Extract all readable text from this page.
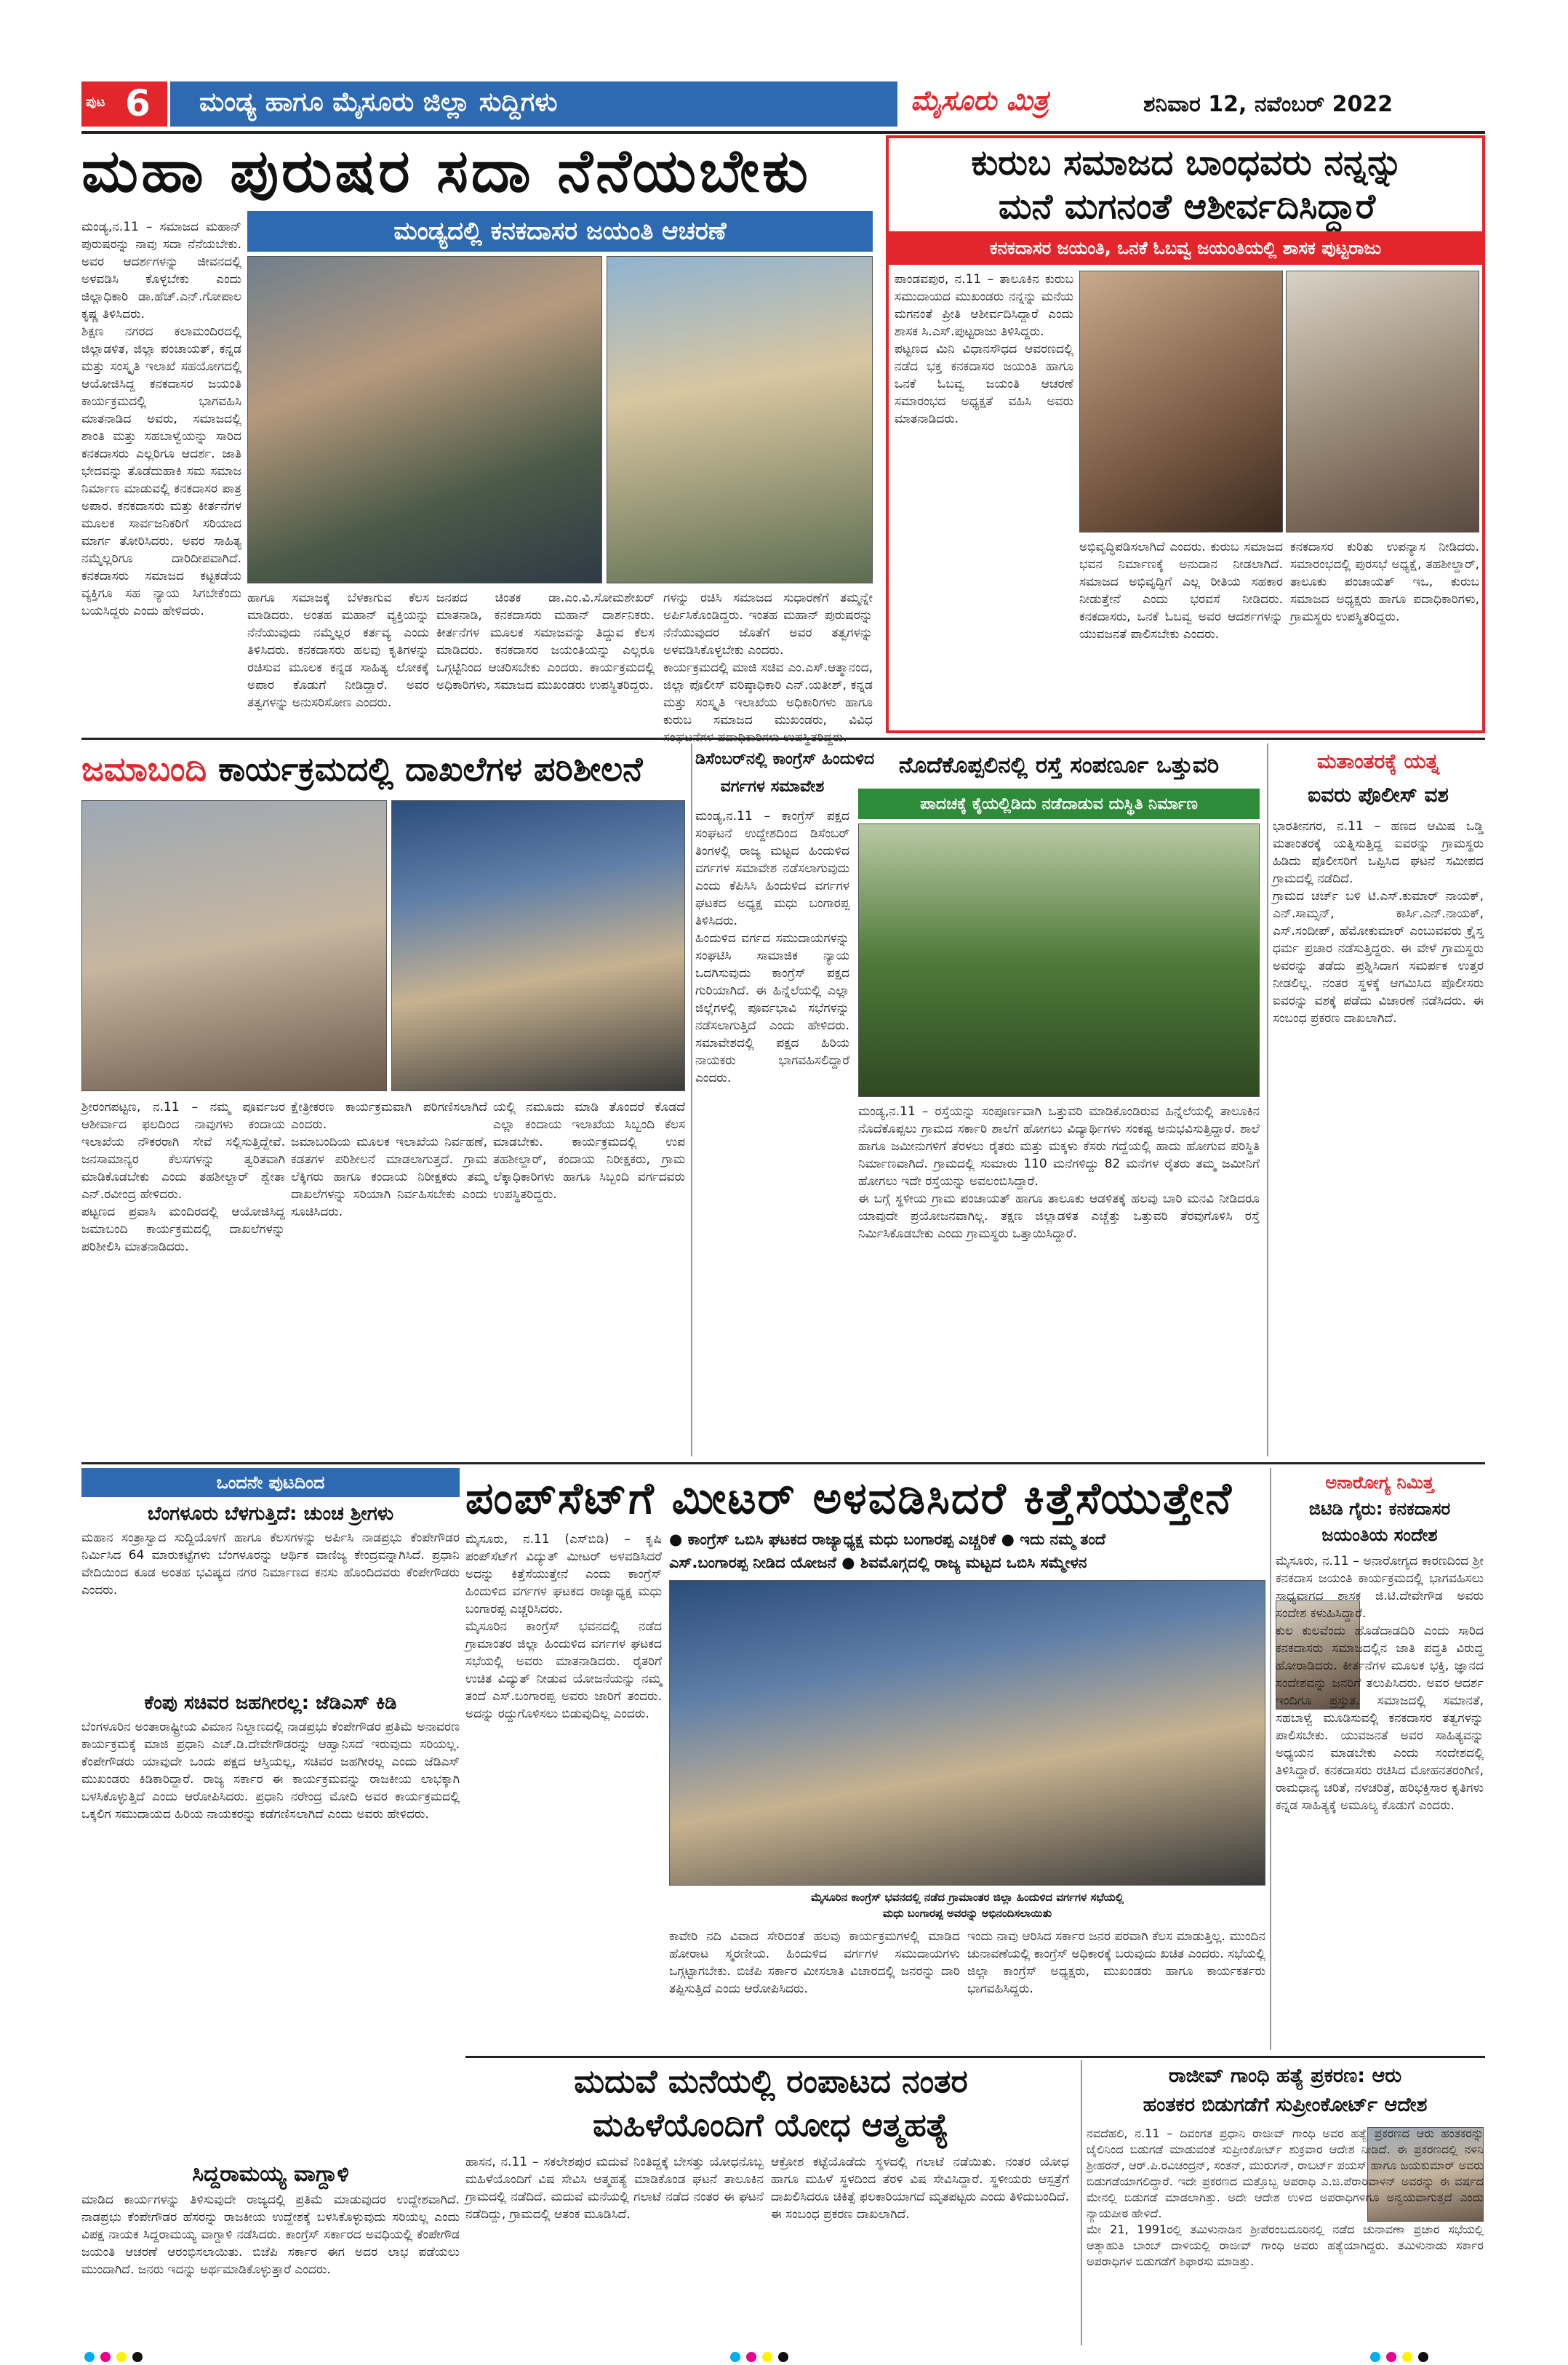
ಪುಟ 6 ಮಂಡ್ಯ ಹಾಗೂ ಮೈಸೂರು ಜಿಲ್ಲಾ ಸುದ್ದಿಗಳು	ಮೈಸೂರು ಮಿತ್ರ	ಶನಿವಾರ 12, ನವೆಂಬರ್ 2022
ಮಹಾ ಪುರುಷರ ಸದಾ ನೆನೆಯಬೇಕು
ಮಂಡ್ಯ,ನ.11 – ಸಮಾಜದ ಮಹಾನ್ ಪುರುಷರನ್ನು ನಾವು ಸದಾ ನೆನೆಯಬೇಕು. ಅವರ ಆದರ್ಶಗಳನ್ನು ಜೀವನದಲ್ಲಿ ಅಳವಡಿಸಿ ಕೊಳ್ಳಬೇಕು ಎಂದು ಜಿಲ್ಲಾಧಿಕಾರಿ ಡಾ.ಹೆಚ್.ಎನ್.ಗೋಪಾಲ ಕೃಷ್ಣ ತಿಳಿಸಿದರು.
ಶಿಕ್ಷಣ ನಗರದ ಕಲಾಮಂದಿರದಲ್ಲಿ ಜಿಲ್ಲಾಡಳಿತ, ಜಿಲ್ಲಾ ಪಂಚಾಯತ್, ಕನ್ನಡ ಮತ್ತು ಸಂಸ್ಕೃತಿ ಇಲಾಖೆ ಸಹಯೋಗದಲ್ಲಿ ಆಯೋಜಿಸಿದ್ದ ಕನಕದಾಸರ ಜಯಂತಿ ಕಾರ್ಯಕ್ರಮದಲ್ಲಿ ಭಾಗವಹಿಸಿ ಮಾತನಾಡಿದ ಅವರು, ಸಮಾಜದಲ್ಲಿ ಶಾಂತಿ ಮತ್ತು ಸಹಬಾಳ್ವೆಯನ್ನು ಸಾರಿದ ಕನಕದಾಸರು ಎಲ್ಲರಿಗೂ ಆದರ್ಶ. ಜಾತಿ ಭೇದವನ್ನು ತೊಡೆದುಹಾಕಿ ಸಮ ಸಮಾಜ ನಿರ್ಮಾಣ ಮಾಡುವಲ್ಲಿ ಕನಕದಾಸರ ಪಾತ್ರ ಅಪಾರ. ಕನಕದಾಸರು ಮತ್ತು ಕೀರ್ತನೆಗಳ ಮೂಲಕ ಸಾರ್ವಜನಿಕರಿಗೆ ಸರಿಯಾದ ಮಾರ್ಗ ತೋರಿಸಿದರು. ಅವರ ಸಾಹಿತ್ಯ ನಮ್ಮೆಲ್ಲರಿಗೂ ದಾರಿದೀಪವಾಗಿದೆ. ಕನಕದಾಸರು ಸಮಾಜದ ಕಟ್ಟಕಡೆಯ ವ್ಯಕ್ತಿಗೂ ಸಹ ನ್ಯಾಯ ಸಿಗಬೇಕೆಂದು ಬಯಸಿದ್ದರು ಎಂದು ಹೇಳಿದರು.
ಮಂಡ್ಯದಲ್ಲಿ ಕನಕದಾಸರ ಜಯಂತಿ ಆಚರಣೆ
ಹಾಗೂ ಸಮಾಜಕ್ಕೆ ಬೆಳಕಾಗುವ ಕೆಲಸ ಮಾಡಿದರು. ಅಂತಹ ಮಹಾನ್ ವ್ಯಕ್ತಿಯನ್ನು ನೆನೆಯುವುದು ನಮ್ಮೆಲ್ಲರ ಕರ್ತವ್ಯ ಎಂದು ತಿಳಿಸಿದರು. ಕನಕದಾಸರು ಹಲವು ಕೃತಿಗಳನ್ನು ರಚಿಸುವ ಮೂಲಕ ಕನ್ನಡ ಸಾಹಿತ್ಯ ಲೋಕಕ್ಕೆ ಅಪಾರ ಕೊಡುಗೆ ನೀಡಿದ್ದಾರೆ. ಅವರ ತತ್ವಗಳನ್ನು ಅನುಸರಿಸೋಣ ಎಂದರು.
ಜನಪದ ಚಿಂತಕ ಡಾ.ಎಂ.ವಿ.ಸೋಮಶೇಖರ್ ಮಾತನಾಡಿ, ಕನಕದಾಸರು ಮಹಾನ್ ದಾರ್ಶನಿಕರು. ಕೀರ್ತನೆಗಳ ಮೂಲಕ ಸಮಾಜವನ್ನು ತಿದ್ದುವ ಕೆಲಸ ಮಾಡಿದರು. ಕನಕದಾಸರ ಜಯಂತಿಯನ್ನು ಎಲ್ಲರೂ ಒಗ್ಗಟ್ಟಿನಿಂದ ಆಚರಿಸಬೇಕು ಎಂದರು. ಕಾರ್ಯಕ್ರಮದಲ್ಲಿ ಅಧಿಕಾರಿಗಳು, ಸಮಾಜದ ಮುಖಂಡರು ಉಪಸ್ಥಿತರಿದ್ದರು.
ಗಳನ್ನು ರಚಿಸಿ ಸಮಾಜದ ಸುಧಾರಣೆಗೆ ತಮ್ಮನ್ನೇ ಅರ್ಪಿಸಿಕೊಂಡಿದ್ದರು. ಇಂತಹ ಮಹಾನ್ ಪುರುಷರನ್ನು ನೆನೆಯುವುದರ ಜೊತೆಗೆ ಅವರ ತತ್ವಗಳನ್ನು ಅಳವಡಿಸಿಕೊಳ್ಳಬೇಕು ಎಂದರು.
ಕಾರ್ಯಕ್ರಮದಲ್ಲಿ ಮಾಜಿ ಸಚಿವ ಎಂ.ಎಸ್.ಆತ್ಮಾನಂದ, ಜಿಲ್ಲಾ ಪೊಲೀಸ್ ವರಿಷ್ಠಾಧಿಕಾರಿ ಎನ್.ಯತೀಶ್, ಕನ್ನಡ ಮತ್ತು ಸಂಸ್ಕೃತಿ ಇಲಾಖೆಯ ಅಧಿಕಾರಿಗಳು ಹಾಗೂ ಕುರುಬ ಸಮಾಜದ ಮುಖಂಡರು, ವಿವಿಧ
ಕುರುಬ ಸಮಾಜದ ಬಾಂಧವರು ನನ್ನನ್ನು
ಮನೆ ಮಗನಂತೆ ಆಶೀರ್ವದಿಸಿದ್ದಾರೆ
ಕನಕದಾಸರ ಜಯಂತಿ, ಒನಕೆ ಓಬವ್ವ ಜಯಂತಿಯಲ್ಲಿ ಶಾಸಕ ಪುಟ್ಟರಾಜು
ಪಾಂಡವಪುರ, ನ.11 – ತಾಲೂಕಿನ ಕುರುಬ ಸಮುದಾಯದ ಮುಖಂಡರು ನನ್ನನ್ನು ಮನೆಯ ಮಗನಂತೆ ಪ್ರೀತಿ ಆಶೀರ್ವದಿಸಿದ್ದಾರೆ ಎಂದು ಶಾಸಕ ಸಿ.ಎಸ್.ಪುಟ್ಟರಾಜು ತಿಳಿಸಿದ್ದರು.
ಪಟ್ಟಣದ ಮಿನಿ ವಿಧಾನಸೌಧದ ಆವರಣದಲ್ಲಿ ನಡೆದ ಭಕ್ತ ಕನಕದಾಸರ ಜಯಂತಿ ಹಾಗೂ ಒನಕೆ ಓಬವ್ವ ಜಯಂತಿ ಆಚರಣೆ ಸಮಾರಂಭದ ಅಧ್ಯಕ್ಷತೆ ವಹಿಸಿ ಅವರು ಮಾತನಾಡಿದರು.
ಅಭಿವೃದ್ಧಿಪಡಿಸಲಾಗಿದೆ ಎಂದರು. ಕುರುಬ ಸಮಾಜದ ಭವನ ನಿರ್ಮಾಣಕ್ಕೆ ಅನುದಾನ ನೀಡಲಾಗಿದೆ. ಸಮಾಜದ ಅಭಿವೃದ್ಧಿಗೆ ಎಲ್ಲ ರೀತಿಯ ಸಹಕಾರ ನೀಡುತ್ತೇನೆ ಎಂದು ಭರವಸೆ ನೀಡಿದರು. ಕನಕದಾಸರು, ಒನಕೆ ಓಬವ್ವ ಅವರ ಆದರ್ಶಗಳನ್ನು ಯುವಜನತೆ ಪಾಲಿಸಬೇಕು ಎಂದರು.
ಕನಕದಾಸರ ಕುರಿತು ಉಪನ್ಯಾಸ ನೀಡಿದರು. ಸಮಾರಂಭದಲ್ಲಿ ಪುರಸಭೆ ಅಧ್ಯಕ್ಷೆ, ತಹಶೀಲ್ದಾರ್, ತಾಲೂಕು ಪಂಚಾಯತ್ ಇಒ, ಕುರುಬ ಸಮಾಜದ ಅಧ್ಯಕ್ಷರು ಹಾಗೂ ಪದಾಧಿಕಾರಿಗಳು, ಗ್ರಾಮಸ್ಥರು ಉಪಸ್ಥಿತರಿದ್ದರು.
ಜಮಾಬಂದಿ ಕಾರ್ಯಕ್ರಮದಲ್ಲಿ ದಾಖಲೆಗಳ ಪರಿಶೀಲನೆ
ಶ್ರೀರಂಗಪಟ್ಟಣ, ನ.11 – ನಮ್ಮ ಪೂರ್ವಜರ ಆಶೀರ್ವಾದ ಫಲದಿಂದ ನಾವುಗಳು ಕಂದಾಯ ಇಲಾಖೆಯ ನೌಕರರಾಗಿ ಸೇವೆ ಸಲ್ಲಿಸುತ್ತಿದ್ದೇವೆ. ಜನಸಾಮಾನ್ಯರ ಕೆಲಸಗಳನ್ನು ತ್ವರಿತವಾಗಿ ಮಾಡಿಕೊಡಬೇಕು ಎಂದು ತಹಶೀಲ್ದಾರ್ ಶ್ವೇತಾ ಎನ್.ರವೀಂದ್ರ ಹೇಳಿದರು.
ಪಟ್ಟಣದ ಪ್ರವಾಸಿ ಮಂದಿರದಲ್ಲಿ ಆಯೋಜಿಸಿದ್ದ ಜಮಾಬಂದಿ ಕಾರ್ಯಕ್ರಮದಲ್ಲಿ ದಾಖಲೆಗಳನ್ನು ಪರಿಶೀಲಿಸಿ ಮಾತನಾಡಿದರು.
ಕ್ಷೇತ್ರೀಕರಣ ಕಾರ್ಯಕ್ರಮವಾಗಿ ಪರಿಗಣಿಸಲಾಗಿದೆ ಎಂದರು.
ಜಮಾಬಂದಿಯ ಮೂಲಕ ಇಲಾಖೆಯ ನಿರ್ವಹಣೆ, ಕಡತಗಳ ಪರಿಶೀಲನೆ ಮಾಡಲಾಗುತ್ತದೆ. ಗ್ರಾಮ ಲೆಕ್ಕಿಗರು ಹಾಗೂ ಕಂದಾಯ ನಿರೀಕ್ಷಕರು ತಮ್ಮ ದಾಖಲೆಗಳನ್ನು ಸರಿಯಾಗಿ ನಿರ್ವಹಿಸಬೇಕು ಎಂದು ಸೂಚಿಸಿದರು.
ಯಲ್ಲಿ ನಮೂದು ಮಾಡಿ ತೊಂದರೆ ಕೊಡದೆ ಎಲ್ಲಾ ಕಂದಾಯ ಇಲಾಖೆಯ ಸಿಬ್ಬಂದಿ ಕೆಲಸ ಮಾಡಬೇಕು. ಕಾರ್ಯಕ್ರಮದಲ್ಲಿ ಉಪ ತಹಶೀಲ್ದಾರ್, ಕಂದಾಯ ನಿರೀಕ್ಷಕರು, ಗ್ರಾಮ ಲೆಕ್ಕಾಧಿಕಾರಿಗಳು ಹಾಗೂ ಸಿಬ್ಬಂದಿ ವರ್ಗದವರು ಉಪಸ್ಥಿತರಿದ್ದರು.
ಡಿಸೆಂಬರ್‌ನಲ್ಲಿ ಕಾಂಗ್ರೆಸ್ ಹಿಂದುಳಿದ
ವರ್ಗಗಳ ಸಮಾವೇಶ
ಮಂಡ್ಯ,ನ.11 – ಕಾಂಗ್ರೆಸ್ ಪಕ್ಷದ ಸಂಘಟನೆ ಉದ್ದೇಶದಿಂದ ಡಿಸೆಂಬರ್ ತಿಂಗಳಲ್ಲಿ ರಾಜ್ಯ ಮಟ್ಟದ ಹಿಂದುಳಿದ ವರ್ಗಗಳ ಸಮಾವೇಶ ನಡೆಸಲಾಗುವುದು ಎಂದು ಕೆಪಿಸಿಸಿ ಹಿಂದುಳಿದ ವರ್ಗಗಳ ಘಟಕದ ಅಧ್ಯಕ್ಷ ಮಧು ಬಂಗಾರಪ್ಪ ತಿಳಿಸಿದರು.
ಹಿಂದುಳಿದ ವರ್ಗದ ಸಮುದಾಯಗಳನ್ನು ಸಂಘಟಿಸಿ ಸಾಮಾಜಿಕ ನ್ಯಾಯ ಒದಗಿಸುವುದು ಕಾಂಗ್ರೆಸ್ ಪಕ್ಷದ ಗುರಿಯಾಗಿದೆ. ಈ ಹಿನ್ನೆಲೆಯಲ್ಲಿ ಎಲ್ಲಾ ಜಿಲ್ಲೆಗಳಲ್ಲಿ ಪೂರ್ವಭಾವಿ ಸಭೆಗಳನ್ನು ನಡೆಸಲಾಗುತ್ತಿದೆ ಎಂದು ಹೇಳಿದರು. ಸಮಾವೇಶದಲ್ಲಿ ಪಕ್ಷದ ಹಿರಿಯ ನಾಯಕರು ಭಾಗವಹಿಸಲಿದ್ದಾರೆ ಎಂದರು.
ನೊದೆಕೊಪ್ಪಲಿನಲ್ಲಿ ರಸ್ತೆ ಸಂಪರ್ಣೂ ಒತ್ತುವರಿ
ಪಾದಚಕ್ಕೆ ಕೈಯಲ್ಲಿಡಿದು ನಡೆದಾಡುವ ದುಸ್ಥಿತಿ ನಿರ್ಮಾಣ
ಮಂಡ್ಯ,ನ.11 – ರಸ್ತೆಯನ್ನು ಸಂಪೂರ್ಣವಾಗಿ ಒತ್ತುವರಿ ಮಾಡಿಕೊಂಡಿರುವ ಹಿನ್ನೆಲೆಯಲ್ಲಿ ತಾಲೂಕಿನ ನೊದೆಕೊಪ್ಪಲು ಗ್ರಾಮದ ಸರ್ಕಾರಿ ಶಾಲೆಗೆ ಹೋಗಲು ವಿದ್ಯಾರ್ಥಿಗಳು ಸಂಕಷ್ಟ ಅನುಭವಿಸುತ್ತಿದ್ದಾರೆ. ಶಾಲೆ ಹಾಗೂ ಜಮೀನುಗಳಿಗೆ ತೆರಳಲು ರೈತರು ಮತ್ತು ಮಕ್ಕಳು ಕೆಸರು ಗದ್ದೆಯಲ್ಲಿ ಹಾದು ಹೋಗುವ ಪರಿಸ್ಥಿತಿ ನಿರ್ಮಾಣವಾಗಿದೆ. ಗ್ರಾಮದಲ್ಲಿ ಸುಮಾರು 110 ಮನೆಗಳಿದ್ದು 82 ಮನೆಗಳ ರೈತರು ತಮ್ಮ ಜಮೀನಿಗೆ ಹೋಗಲು ಇದೇ ರಸ್ತೆಯನ್ನು ಅವಲಂಬಿಸಿದ್ದಾರೆ.
ಈ ಬಗ್ಗೆ ಸ್ಥಳೀಯ ಗ್ರಾಮ ಪಂಚಾಯತ್ ಹಾಗೂ ತಾಲೂಕು ಆಡಳಿತಕ್ಕೆ ಹಲವು ಬಾರಿ ಮನವಿ ನೀಡಿದರೂ ಯಾವುದೇ ಪ್ರಯೋಜನವಾಗಿಲ್ಲ. ತಕ್ಷಣ ಜಿಲ್ಲಾಡಳಿತ ಎಚ್ಚೆತ್ತು ಒತ್ತುವರಿ ತೆರವುಗೊಳಿಸಿ ರಸ್ತೆ ನಿರ್ಮಿಸಿಕೊಡಬೇಕು ಎಂದು ಗ್ರಾಮಸ್ಥರು ಒತ್ತಾಯಿಸಿದ್ದಾರೆ.
ಮತಾಂತರಕ್ಕೆ ಯತ್ನ
ಐವರು ಪೊಲೀಸ್ ವಶ
ಭಾರತೀನಗರ, ನ.11 – ಹಣದ ಆಮಿಷ ಒಡ್ಡಿ ಮತಾಂತರಕ್ಕೆ ಯತ್ನಿಸುತ್ತಿದ್ದ ಐವರನ್ನು ಗ್ರಾಮಸ್ಥರು ಹಿಡಿದು ಪೊಲೀಸರಿಗೆ ಒಪ್ಪಿಸಿದ ಘಟನೆ ಸಮೀಪದ ಗ್ರಾಮದಲ್ಲಿ ನಡೆದಿದೆ.
ಗ್ರಾಮದ ಚರ್ಚ್ ಬಳಿ ಟಿ.ಎಸ್.ಕುಮಾರ್ ನಾಯಕ್, ಎನ್.ಸಾಮ್ಸನ್, ಕಾರ್ಸಿ.ಎನ್.ನಾಯಕ್, ಎಸ್.ಸಂದೀಪ್, ಹೆಮೋಕುಮಾರ್ ಎಂಬುವವರು ಕ್ರೈಸ್ತ ಧರ್ಮ ಪ್ರಚಾರ ನಡೆಸುತ್ತಿದ್ದರು. ಈ ವೇಳೆ ಗ್ರಾಮಸ್ಥರು ಅವರನ್ನು ತಡೆದು ಪ್ರಶ್ನಿಸಿದಾಗ ಸಮರ್ಪಕ ಉತ್ತರ ನೀಡಲಿಲ್ಲ. ನಂತರ ಸ್ಥಳಕ್ಕೆ ಆಗಮಿಸಿದ ಪೊಲೀಸರು ಐವರನ್ನು ವಶಕ್ಕೆ ಪಡೆದು ವಿಚಾರಣೆ ನಡೆಸಿದರು. ಈ ಸಂಬಂಧ ಪ್ರಕರಣ ದಾಖಲಾಗಿದೆ.
ಒಂದನೇ ಪುಟದಿಂದ
ಬೆಂಗಳೂರು ಬೆಳಗುತ್ತಿದೆ: ಚುಂಚ ಶ್ರೀಗಳು
ಮಹಾನ ಸಂತ್ರಾಸ್ವಾದ ಸುದ್ದಿಯೊಳಗೆ ಹಾಗೂ ಕೆಲಸಗಳನ್ನು ಅರ್ಪಿಸಿ ನಾಡಪ್ರಭು ಕೆಂಪೇಗೌಡರ ನಿರ್ಮಿಸಿದ 64 ಮಾರುಕಟ್ಟೆಗಳು ಬೆಂಗಳೂರನ್ನು ಆರ್ಥಿಕ ವಾಣಿಜ್ಯ ಕೇಂದ್ರವನ್ನಾಗಿಸಿದೆ. ಪ್ರಧಾನಿ ವೇದಿಯಿಂದ ಕೂಡ ಅಂತಹ ಭವಿಷ್ಯದ ನಗರ ನಿರ್ಮಾಣದ ಕನಸು ಹೊಂದಿದವರು ಕೆಂಪೇಗೌಡರು ಎಂದರು.
ಕೆಂಪು ಸಚಿವರ ಜಹಗೀರಲ್ಲ: ಜೆಡಿಎಸ್ ಕಿಡಿ
ಬೆಂಗಳೂರಿನ ಅಂತಾರಾಷ್ಟ್ರೀಯ ವಿಮಾನ ನಿಲ್ದಾಣದಲ್ಲಿ ನಾಡಪ್ರಭು ಕೆಂಪೇಗೌಡರ ಪ್ರತಿಮೆ ಅನಾವರಣ ಕಾರ್ಯಕ್ರಮಕ್ಕೆ ಮಾಜಿ ಪ್ರಧಾನಿ ಎಚ್.ಡಿ.ದೇವೇಗೌಡರನ್ನು ಆಹ್ವಾನಿಸದೆ ಇರುವುದು ಸರಿಯಲ್ಲ. ಕೆಂಪೇಗೌಡರು ಯಾವುದೇ ಒಂದು ಪಕ್ಷದ ಆಸ್ತಿಯಲ್ಲ, ಸಚಿವರ ಜಹಗೀರಲ್ಲ ಎಂದು ಜೆಡಿಎಸ್ ಮುಖಂಡರು ಕಿಡಿಕಾರಿದ್ದಾರೆ. ರಾಜ್ಯ ಸರ್ಕಾರ ಈ ಕಾರ್ಯಕ್ರಮವನ್ನು ರಾಜಕೀಯ ಲಾಭಕ್ಕಾಗಿ ಬಳಸಿಕೊಳ್ಳುತ್ತಿದೆ ಎಂದು ಆರೋಪಿಸಿದರು. ಪ್ರಧಾನಿ ನರೇಂದ್ರ ಮೋದಿ ಅವರ ಕಾರ್ಯಕ್ರಮದಲ್ಲಿ ಒಕ್ಕಲಿಗ ಸಮುದಾಯದ ಹಿರಿಯ ನಾಯಕರನ್ನು ಕಡೆಗಣಿಸಲಾಗಿದೆ ಎಂದು ಅವರು ಹೇಳಿದರು.
ಸಿದ್ದರಾಮಯ್ಯ ವಾಗ್ದಾಳಿ
ಮಾಡಿದ ಕಾರ್ಯಗಳನ್ನು ತಿಳಿಸುವುದೇ ರಾಜ್ಯದಲ್ಲಿ ಪ್ರತಿಮೆ ಮಾಡುವುದರ ಉದ್ದೇಶವಾಗಿದೆ. ನಾಡಪ್ರಭು ಕೆಂಪೇಗೌಡರ ಹೆಸರನ್ನು ರಾಜಕೀಯ ಉದ್ದೇಶಕ್ಕೆ ಬಳಸಿಕೊಳ್ಳುವುದು ಸರಿಯಲ್ಲ ಎಂದು ವಿಪಕ್ಷ ನಾಯಕ ಸಿದ್ದರಾಮಯ್ಯ ವಾಗ್ದಾಳಿ ನಡೆಸಿದರು. ಕಾಂಗ್ರೆಸ್ ಸರ್ಕಾರದ ಅವಧಿಯಲ್ಲಿ ಕೆಂಪೇಗೌಡ ಜಯಂತಿ ಆಚರಣೆ ಆರಂಭಿಸಲಾಯಿತು. ಬಿಜೆಪಿ ಸರ್ಕಾರ ಈಗ ಅದರ ಲಾಭ ಪಡೆಯಲು ಮುಂದಾಗಿದೆ. ಜನರು ಇದನ್ನು ಅರ್ಥಮಾಡಿಕೊಳ್ಳುತ್ತಾರೆ ಎಂದರು.
ಪಂಪ್‌ಸೆಟ್‌ಗೆ ಮೀಟರ್ ಅಳವಡಿಸಿದರೆ ಕಿತ್ತೆಸೆಯುತ್ತೇನೆ
● ಕಾಂಗ್ರೆಸ್ ಒಬಿಸಿ ಘಟಕದ ರಾಜ್ಯಾಧ್ಯಕ್ಷ ಮಧು ಬಂಗಾರಪ್ಪ ಎಚ್ಚರಿಕೆ ● ಇದು ನಮ್ಮ ತಂದೆ
ಎಸ್.ಬಂಗಾರಪ್ಪ ನೀಡಿದ ಯೋಜನೆ ● ಶಿವಮೊಗ್ಗದಲ್ಲಿ ರಾಜ್ಯ ಮಟ್ಟದ ಒಬಿಸಿ ಸಮ್ಮೇಳನ
ಮೈಸೂರು, ನ.11 (ಎಸ್‌ಬಿಡಿ) – ಕೃಷಿ ಪಂಪ್‌ಸೆಟ್‌ಗೆ ವಿದ್ಯುತ್ ಮೀಟರ್ ಅಳವಡಿಸಿದರೆ ಅದನ್ನು ಕಿತ್ತೆಸೆಯುತ್ತೇನೆ ಎಂದು ಕಾಂಗ್ರೆಸ್ ಹಿಂದುಳಿದ ವರ್ಗಗಳ ಘಟಕದ ರಾಜ್ಯಾಧ್ಯಕ್ಷ ಮಧು ಬಂಗಾರಪ್ಪ ಎಚ್ಚರಿಸಿದರು.
ಮೈಸೂರಿನ ಕಾಂಗ್ರೆಸ್ ಭವನದಲ್ಲಿ ನಡೆದ ಗ್ರಾಮಾಂತರ ಜಿಲ್ಲಾ ಹಿಂದುಳಿದ ವರ್ಗಗಳ ಘಟಕದ ಸಭೆಯಲ್ಲಿ ಅವರು ಮಾತನಾಡಿದರು. ರೈತರಿಗೆ ಉಚಿತ ವಿದ್ಯುತ್ ನೀಡುವ ಯೋಜನೆಯನ್ನು ನಮ್ಮ ತಂದೆ ಎಸ್.ಬಂಗಾರಪ್ಪ ಅವರು ಜಾರಿಗೆ ತಂದರು. ಅದನ್ನು ರದ್ದುಗೊಳಿಸಲು ಬಿಡುವುದಿಲ್ಲ ಎಂದರು.
ಮೈಸೂರಿನ ಕಾಂಗ್ರೆಸ್ ಭವನದಲ್ಲಿ ನಡೆದ ಗ್ರಾಮಾಂತರ ಜಿಲ್ಲಾ ಹಿಂದುಳಿದ ವರ್ಗಗಳ ಸಭೆಯಲ್ಲಿ
ಮಧು ಬಂಗಾರಪ್ಪ ಅವರನ್ನು ಅಭಿನಂದಿಸಲಾಯಿತು
ಕಾವೇರಿ ನದಿ ವಿವಾದ ಸೇರಿದಂತೆ ಹಲವು ಕಾರ್ಯಕ್ರಮಗಳಲ್ಲಿ ಮಾಡಿದ ಹೋರಾಟ ಸ್ಮರಣೀಯ. ಹಿಂದುಳಿದ ವರ್ಗಗಳ ಸಮುದಾಯಗಳು ಒಗ್ಗಟ್ಟಾಗಬೇಕು. ಬಿಜೆಪಿ ಸರ್ಕಾರ ಮೀಸಲಾತಿ ವಿಚಾರದಲ್ಲಿ ಜನರನ್ನು ದಾರಿ ತಪ್ಪಿಸುತ್ತಿದೆ ಎಂದು ಆರೋಪಿಸಿದರು.
ಇಂದು ನಾವು ಆರಿಸಿದ ಸರ್ಕಾರ ಜನರ ಪರವಾಗಿ ಕೆಲಸ ಮಾಡುತ್ತಿಲ್ಲ. ಮುಂದಿನ ಚುನಾವಣೆಯಲ್ಲಿ ಕಾಂಗ್ರೆಸ್ ಅಧಿಕಾರಕ್ಕೆ ಬರುವುದು ಖಚಿತ ಎಂದರು. ಸಭೆಯಲ್ಲಿ ಜಿಲ್ಲಾ ಕಾಂಗ್ರೆಸ್ ಅಧ್ಯಕ್ಷರು, ಮುಖಂಡರು ಹಾಗೂ ಕಾರ್ಯಕರ್ತರು ಭಾಗವಹಿಸಿದ್ದರು.
ಅನಾರೋಗ್ಯ ನಿಮಿತ್ತ
ಜಿಟಿಡಿ ಗೈರು: ಕನಕದಾಸರ
ಜಯಂತಿಯ ಸಂದೇಶ
ಮೈಸೂರು, ನ.11 – ಅನಾರೋಗ್ಯದ ಕಾರಣದಿಂದ ಶ್ರೀ ಕನಕದಾಸ ಜಯಂತಿ ಕಾರ್ಯಕ್ರಮದಲ್ಲಿ ಭಾಗವಹಿಸಲು ಸಾಧ್ಯವಾಗದ ಶಾಸಕ ಜಿ.ಟಿ.ದೇವೇಗೌಡ ಅವರು ಸಂದೇಶ ಕಳುಹಿಸಿದ್ದಾರೆ.
ಕುಲ ಕುಲವೆಂದು ಹೊಡೆದಾಡದಿರಿ ಎಂದು ಸಾರಿದ ಕನಕದಾಸರು ಸಮಾಜದಲ್ಲಿನ ಜಾತಿ ಪದ್ಧತಿ ವಿರುದ್ಧ ಹೋರಾಡಿದರು. ಕೀರ್ತನೆಗಳ ಮೂಲಕ ಭಕ್ತಿ, ಜ್ಞಾನದ ಸಂದೇಶವನ್ನು ಜನರಿಗೆ ತಲುಪಿಸಿದರು. ಅವರ ಆದರ್ಶ ಇಂದಿಗೂ ಪ್ರಸ್ತುತ. ಸಮಾಜದಲ್ಲಿ ಸಮಾನತೆ, ಸಹಬಾಳ್ವೆ ಮೂಡಿಸುವಲ್ಲಿ ಕನಕದಾಸರ ತತ್ವಗಳನ್ನು ಪಾಲಿಸಬೇಕು. ಯುವಜನತೆ ಅವರ ಸಾಹಿತ್ಯವನ್ನು ಅಧ್ಯಯನ ಮಾಡಬೇಕು ಎಂದು ಸಂದೇಶದಲ್ಲಿ ತಿಳಿಸಿದ್ದಾರೆ. ಕನಕದಾಸರು ರಚಿಸಿದ ಮೋಹನತರಂಗಿಣಿ, ರಾಮಧಾನ್ಯ ಚರಿತೆ, ನಳಚರಿತ್ರೆ, ಹರಿಭಕ್ತಿಸಾರ ಕೃತಿಗಳು ಕನ್ನಡ ಸಾಹಿತ್ಯಕ್ಕೆ ಅಮೂಲ್ಯ ಕೊಡುಗೆ ಎಂದರು.
ಮದುವೆ ಮನೆಯಲ್ಲಿ ರಂಪಾಟದ ನಂತರ
ಮಹಿಳೆಯೊಂದಿಗೆ ಯೋಧ ಆತ್ಮಹತ್ಯೆ
ಹಾಸನ, ನ.11 – ಸಕಲೇಶಪುರ ಮದುವೆ ನಿಂತಿದ್ದಕ್ಕೆ ಬೇಸತ್ತು ಯೋಧನೊಬ್ಬ ಮಹಿಳೆಯೊಂದಿಗೆ ವಿಷ ಸೇವಿಸಿ ಆತ್ಮಹತ್ಯೆ ಮಾಡಿಕೊಂಡ ಘಟನೆ ತಾಲೂಕಿನ ಗ್ರಾಮದಲ್ಲಿ ನಡೆದಿದೆ. ಮದುವೆ ಮನೆಯಲ್ಲಿ ಗಲಾಟೆ ನಡೆದ ನಂತರ ಈ ಘಟನೆ ನಡೆದಿದ್ದು, ಗ್ರಾಮದಲ್ಲಿ ಆತಂಕ ಮೂಡಿಸಿದೆ.
ಆಕ್ರೋಶ ಕಟ್ಟೆಯೊಡೆದು ಸ್ಥಳದಲ್ಲಿ ಗಲಾಟೆ ನಡೆಯಿತು. ನಂತರ ಯೋಧ ಹಾಗೂ ಮಹಿಳೆ ಸ್ಥಳದಿಂದ ತೆರಳಿ ವಿಷ ಸೇವಿಸಿದ್ದಾರೆ. ಸ್ಥಳೀಯರು ಆಸ್ಪತ್ರೆಗೆ ದಾಖಲಿಸಿದರೂ ಚಿಕಿತ್ಸೆ ಫಲಕಾರಿಯಾಗದೆ ಮೃತಪಟ್ಟರು ಎಂದು ತಿಳಿದುಬಂದಿದೆ. ಈ ಸಂಬಂಧ ಪ್ರಕರಣ ದಾಖಲಾಗಿದೆ.
ರಾಜೀವ್ ಗಾಂಧಿ ಹತ್ಯೆ ಪ್ರಕರಣ: ಆರು
ಹಂತಕರ ಬಿಡುಗಡೆಗೆ ಸುಪ್ರೀಂಕೋರ್ಟ್ ಆದೇಶ
ನವದೆಹಲಿ, ನ.11 – ದಿವಂಗತ ಪ್ರಧಾನಿ ರಾಜೀವ್ ಗಾಂಧಿ ಅವರ ಹತ್ಯೆ ಪ್ರಕರಣದ ಆರು ಹಂತಕರನ್ನು ಜೈಲಿನಿಂದ ಬಿಡುಗಡೆ ಮಾಡುವಂತೆ ಸುಪ್ರೀಂಕೋರ್ಟ್ ಶುಕ್ರವಾರ ಆದೇಶ ನೀಡಿದೆ. ಈ ಪ್ರಕರಣದಲ್ಲಿ ನಳಿನಿ ಶ್ರೀಹರನ್, ಆರ್.ಪಿ.ರವಿಚಂದ್ರನ್, ಸಂತನ್, ಮುರುಗನ್, ರಾಬರ್ಟ್ ಪಯಸ್ ಹಾಗೂ ಜಯಕುಮಾರ್ ಅವರು ಬಿಡುಗಡೆಯಾಗಲಿದ್ದಾರೆ. ಇದೇ ಪ್ರಕರಣದ ಮತ್ತೊಬ್ಬ ಅಪರಾಧಿ ಎ.ಜಿ.ಪೆರಾರಿವಾಳನ್ ಅವರನ್ನು ಈ ವರ್ಷದ ಮೇನಲ್ಲಿ ಬಿಡುಗಡೆ ಮಾಡಲಾಗಿತ್ತು. ಅದೇ ಆದೇಶ ಉಳಿದ ಅಪರಾಧಿಗಳಿಗೂ ಅನ್ವಯವಾಗುತ್ತದೆ ಎಂದು ನ್ಯಾಯಪೀಠ ಹೇಳಿದೆ.
ಮೇ 21, 1991ರಲ್ಲಿ ತಮಿಳುನಾಡಿನ ಶ್ರೀಪೆರಂಬದೂರಿನಲ್ಲಿ ನಡೆದ ಚುನಾವಣಾ ಪ್ರಚಾರ ಸಭೆಯಲ್ಲಿ ಆತ್ಮಾಹುತಿ ಬಾಂಬ್ ದಾಳಿಯಲ್ಲಿ ರಾಜೀವ್ ಗಾಂಧಿ ಅವರು ಹತ್ಯೆಯಾಗಿದ್ದರು. ತಮಿಳುನಾಡು ಸರ್ಕಾರ ಅಪರಾಧಿಗಳ ಬಿಡುಗಡೆಗೆ ಶಿಫಾರಸು ಮಾಡಿತ್ತು.
